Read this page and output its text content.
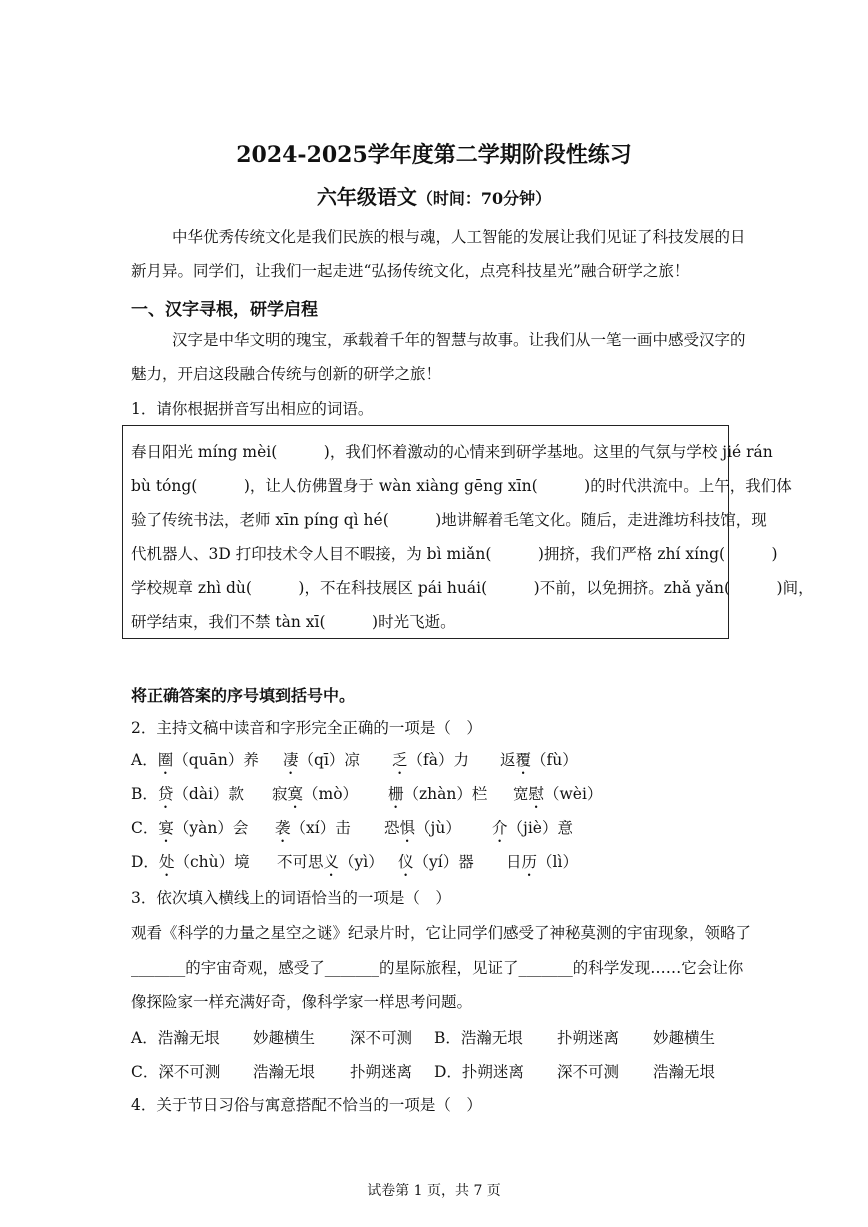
2024-2025学年度第二学期阶段性练习
六年级语文（时间：70分钟）
中华优秀传统文化是我们民族的根与魂，人工智能的发展让我们见证了科技发展的日
新月异。同学们，让我们一起走进“弘扬传统文化，点亮科技星光”融合研学之旅！
一、汉字寻根，研学启程
汉字是中华文明的瑰宝，承载着千年的智慧与故事。让我们从一笔一画中感受汉字的
魅力，开启这段融合传统与创新的研学之旅！
1．请你根据拼音写出相应的词语。
春日阳光 míng mèi(　　　)，我们怀着激动的心情来到研学基地。这里的气氛与学校 jié rán
bù tóng(　　　)，让人仿佛置身于 wàn xiàng gēng xīn(　　　)的时代洪流中。上午，我们体
验了传统书法，老师 xīn píng qì hé(　　　)地讲解着毛笔文化。随后，走进潍坊科技馆，现
代机器人、3D 打印技术令人目不暇接，为 bì miǎn(　　　)拥挤，我们严格 zhí xíng(　　　)
学校规章 zhì dù(　　　)，不在科技展区 pái huái(　　　)不前，以免拥挤。zhǎ yǎn(　　　)间，
研学结束，我们不禁 tàn xī(　　　)时光飞逝。
将正确答案的序号填到括号中。
2．主持文稿中读音和字形完全正确的一项是（　）
A．圈（quān）养 凄（qī）凉 乏（fà）力 返覆（fù）
B．贷（dài）款 寂寞（mò） 栅（zhàn）栏 宽慰（wèi）
C．宴（yàn）会 袭（xí）击 恐惧（jù） 介（jiè）意
D．处（chù）境 不可思义（yì） 仪（yí）器 日历（lì）
3．依次填入横线上的词语恰当的一项是（　）
观看《科学的力量之星空之谜》纪录片时，它让同学们感受了神秘莫测的宇宙现象，领略了
_______的宇宙奇观，感受了_______的星际旅程，见证了_______的科学发现……它会让你
像探险家一样充满好奇，像科学家一样思考问题。
A．浩瀚无垠 妙趣横生 深不可测 B．浩瀚无垠 扑朔迷离 妙趣横生
C．深不可测 浩瀚无垠 扑朔迷离 D．扑朔迷离 深不可测 浩瀚无垠
4．关于节日习俗与寓意搭配不恰当的一项是（　）
试卷第 1 页，共 7 页
